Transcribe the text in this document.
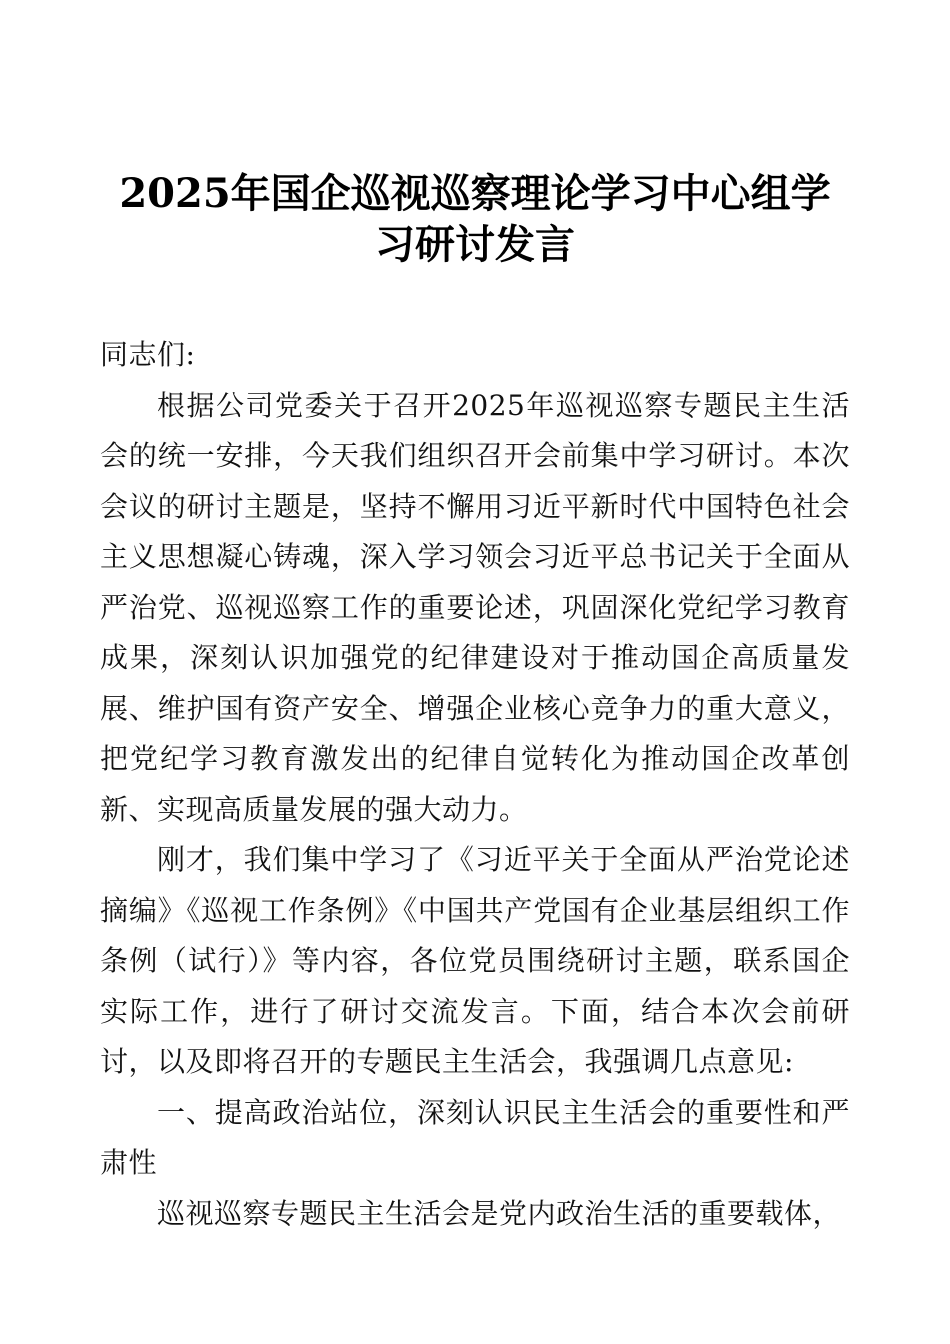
2025年国企巡视巡察理论学习中心组学
习研讨发言

同志们:

根据公司党委关于召开2025年巡视巡察专题民主生活会的统一安排，今天我们组织召开会前集中学习研讨。本次会议的研讨主题是，坚持不懈用习近平新时代中国特色社会主义思想凝心铸魂，深入学习领会习近平总书记关于全面从严治党、巡视巡察工作的重要论述，巩固深化党纪学习教育成果，深刻认识加强党的纪律建设对于推动国企高质量发展、维护国有资产安全、增强企业核心竞争力的重大意义，把党纪学习教育激发出的纪律自觉转化为推动国企改革创新、实现高质量发展的强大动力。

刚才，我们集中学习了《习近平关于全面从严治党论述摘编》《巡视工作条例》《中国共产党国有企业基层组织工作条例（试行）》等内容，各位党员围绕研讨主题，联系国企实际工作，进行了研讨交流发言。下面，结合本次会前研讨，以及即将召开的专题民主生活会，我强调几点意见:

一、提高政治站位，深刻认识民主生活会的重要性和严肃性

巡视巡察专题民主生活会是党内政治生活的重要载体，
